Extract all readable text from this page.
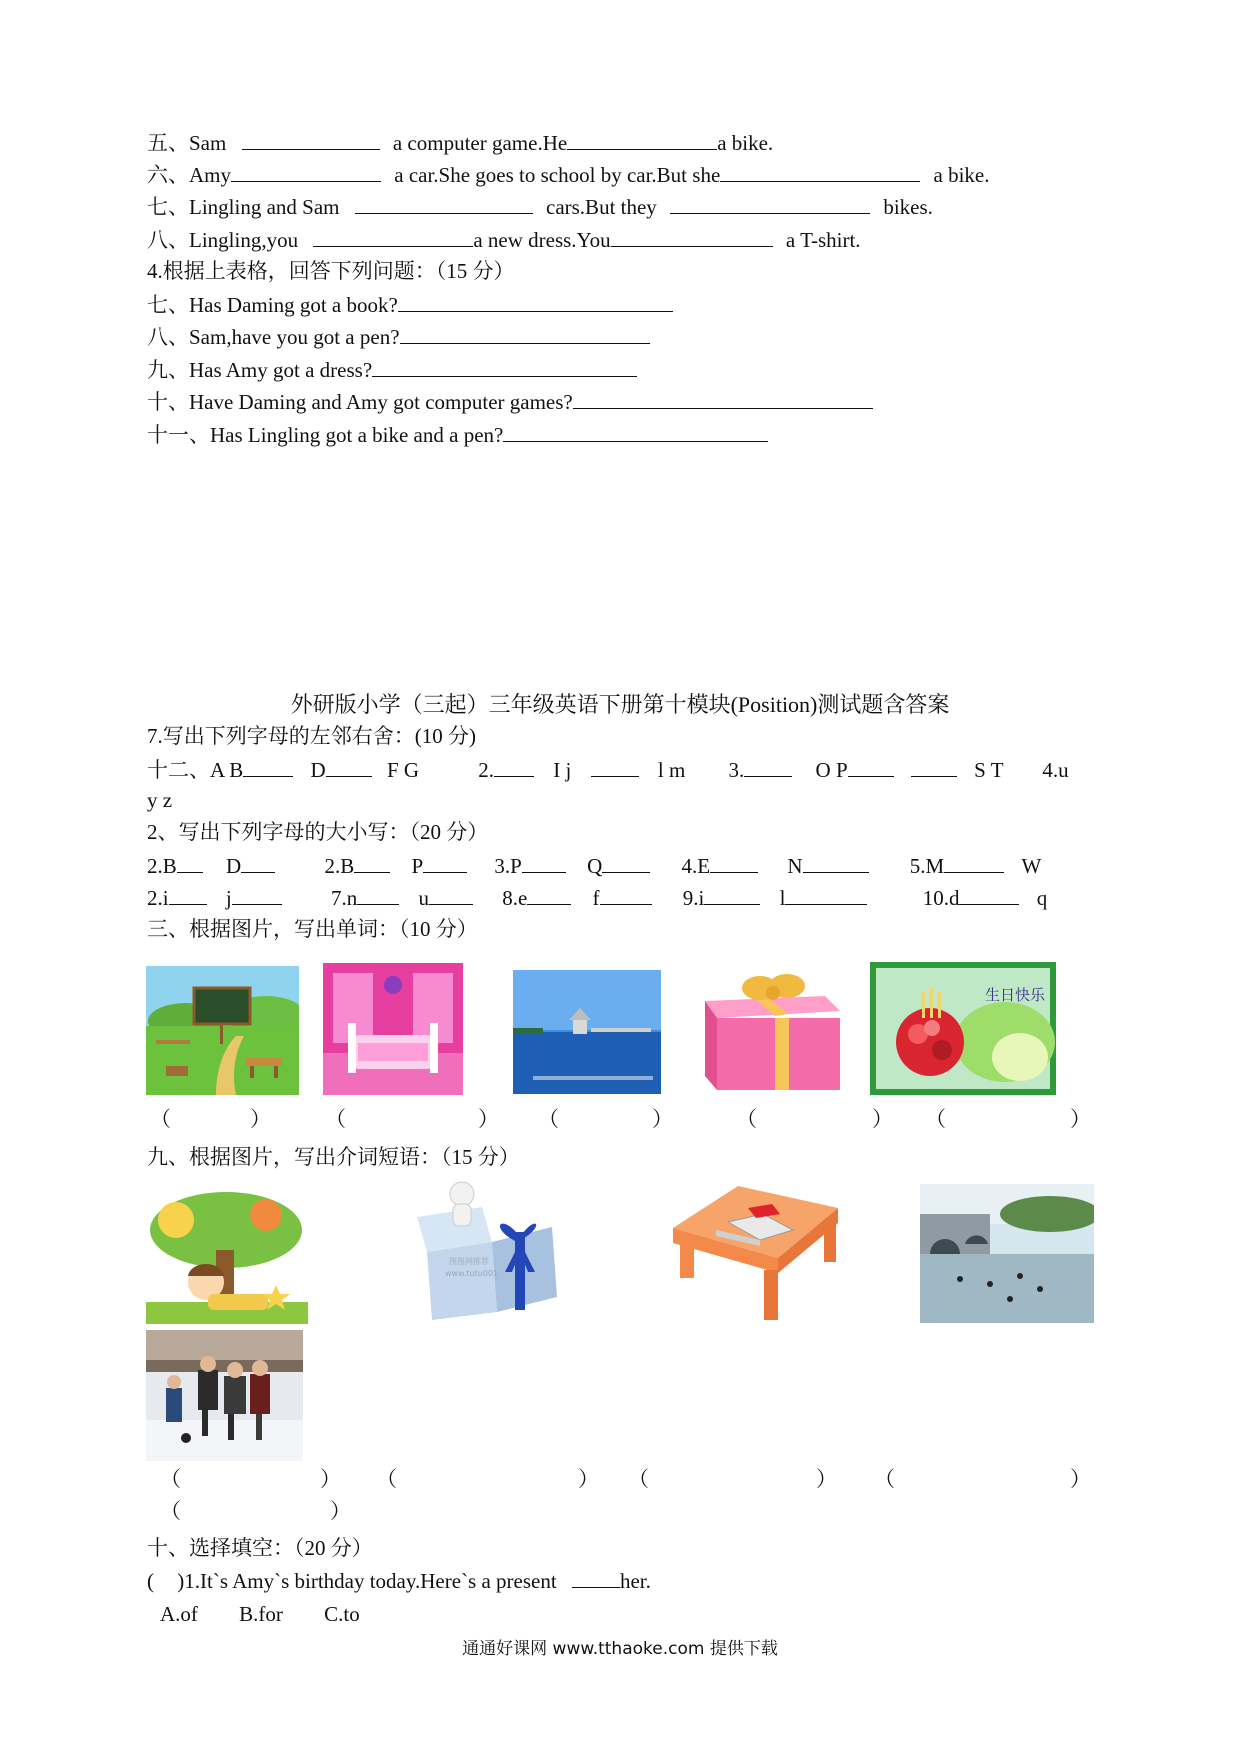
五、Sam	a computer game.He	a bike.
六、Amy	a car.She goes to school by car.But she	a bike.
七、Lingling and Sam	cars.But they	bikes.
八、Lingling,you	a new dress.You	a T-shirt.
4.根据上表格，回答下列问题：（15 分）
七、Has Daming got a book?
八、Sam,have you got a pen?
九、Has Amy got a dress?
十、Have Daming and Amy got computer games?
十一、Has Lingling got a bike and a pen?
外研版小学（三起）三年级英语下册第十模块(Position)测试题含答案
7.写出下列字母的左邻右舍：(10 分)
十二、A B	D	F G	2.	I j	l m 3.	O P	S T 4.u
y z
2、写出下列字母的大小写：（20 分）
2.B D	2.B	P	3.P	Q	4.E	N	5.M	W
2.i	j	7.n	u	8.e	f	9.i	l	10.d	q
三、根据图片，写出单词：（10 分）
生日快乐
（	）	（	） （	）	（	） （	）
九、根据图片，写出介词短语：（15 分）
图图网推荐
www.tutu001
（	） （	） （	） （	）
（	）
十、选择填空：（20 分）
( )1.It`s Amy`s birthday today.Here`s a present	her.
A.of B.for C.to
通通好课网 www.tthaoke.com 提供下载
